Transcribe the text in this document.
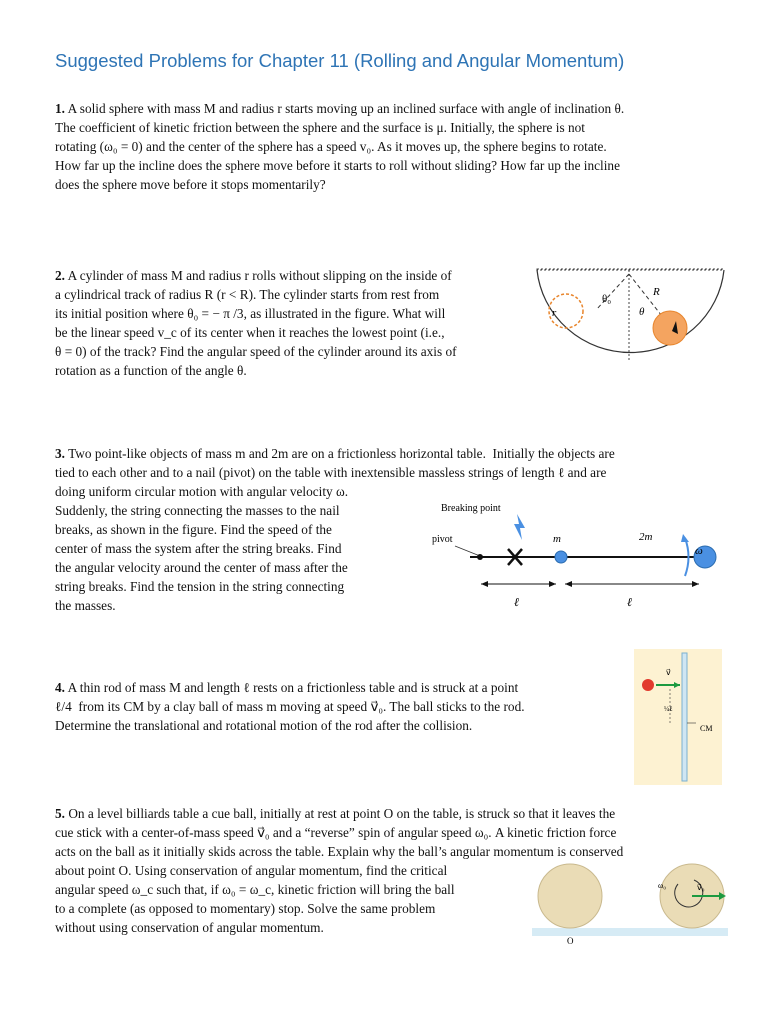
Suggested Problems for Chapter 11 (Rolling and Angular Momentum)
1. A solid sphere with mass M and radius r starts moving up an inclined surface with angle of inclination θ.
The coefficient of kinetic friction between the sphere and the surface is μ. Initially, the sphere is not
rotating (ω₀ = 0) and the center of the sphere has a speed v₀. As it moves up, the sphere begins to rotate.
How far up the incline does the sphere move before it starts to roll without sliding? How far up the incline
does the sphere move before it stops momentarily?
2. A cylinder of mass M and radius r rolls without slipping on the inside of
a cylindrical track of radius R (r < R). The cylinder starts from rest from
its initial position where θ₀ = − π /3, as illustrated in the figure. What will
be the linear speed v_c of its center when it reaches the lowest point (i.e.,
θ = 0) of the track? Find the angular speed of the cylinder around its axis of
rotation as a function of the angle θ.
θ₀
R
θ
r
3. Two point-like objects of mass m and 2m are on a frictionless horizontal table.  Initially the objects are
tied to each other and to a nail (pivot) on the table with inextensible massless strings of length ℓ and are
doing uniform circular motion with angular velocity ω.
Suddenly, the string connecting the masses to the nail
breaks, as shown in the figure. Find the speed of the
center of mass the system after the string breaks. Find
the angular velocity around the center of mass after the
string breaks. Find the tension in the string connecting
the masses.
Breaking point
pivot	m	2m
ω
ℓ	ℓ
4. A thin rod of mass M and length ℓ rests on a frictionless table and is struck at a point
ℓ/4  from its CM by a clay ball of mass m moving at speed v⃗₀. The ball sticks to the rod.
Determine the translational and rotational motion of the rod after the collision.
v⃗
¼ℓ
CM
5. On a level billiards table a cue ball, initially at rest at point O on the table, is struck so that it leaves the
cue stick with a center-of-mass speed v⃗₀ and a “reverse” spin of angular speed ω₀. A kinetic friction force
acts on the ball as it initially skids across the table. Explain why the ball’s angular momentum is conserved
about point O. Using conservation of angular momentum, find the critical
angular speed ω_c such that, if ω₀ = ω_c, kinetic friction will bring the ball
to a complete (as opposed to momentary) stop. Solve the same problem
without using conservation of angular momentum.
O
ω₀	v⃗₀
